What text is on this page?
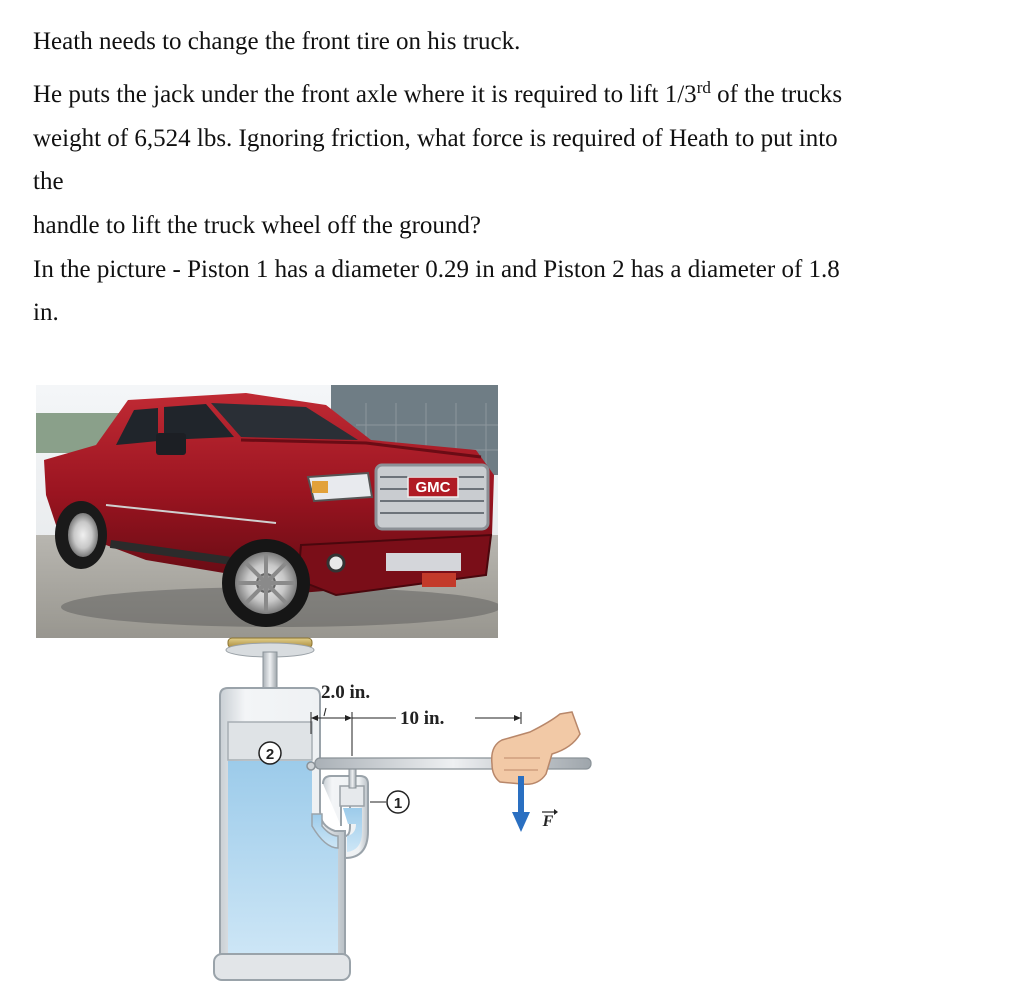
Heath needs to change the front tire on his truck.

He puts the jack under the front axle where it is required to lift 1/3rd of the trucks

weight of 6,524 lbs. Ignoring friction, what force is required of Heath to put into

the

handle to lift the truck wheel off the ground?

In the picture - Piston 1 has a diameter 0.29 in and Piston 2 has a diameter of 1.8

in.

GMC
2
F
2.0 in.
10 in.
1
